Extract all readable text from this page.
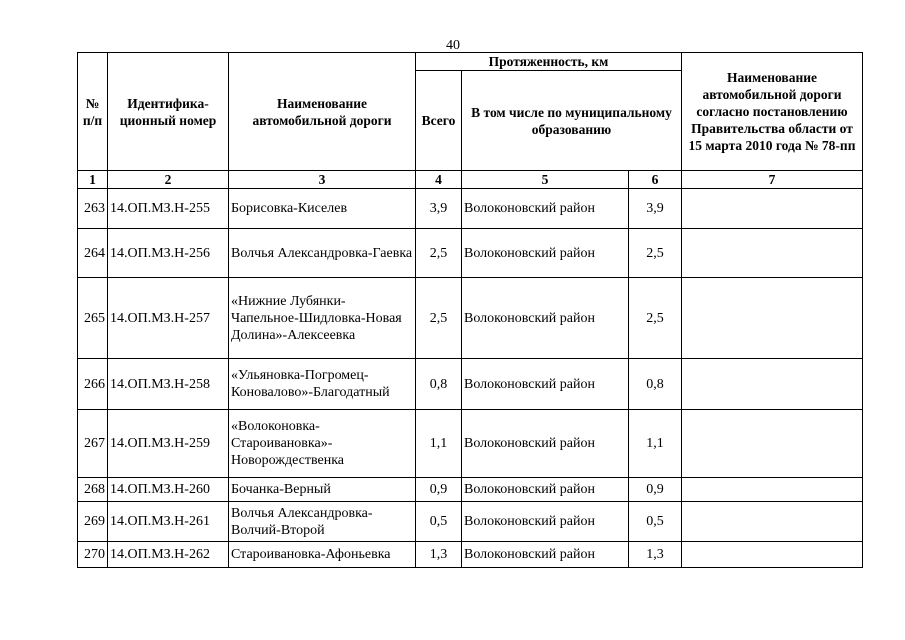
40
№ п/п	Идентифика-ционный номер	Наименование автомобильной дороги	Протяженность, км			Наименование автомобильной дороги согласно постановлению Правительства области от 15 марта 2010 года № 78-пп
			Всего	В том числе по муниципальному образованию		
1	2	3	4	5	6	7
263	14.ОП.МЗ.Н-255	Борисовка-Киселев	3,9	Волоконовский район	3,9	
264	14.ОП.МЗ.Н-256	Волчья Александровка-Гаевка	2,5	Волоконовский район	2,5	
265	14.ОП.МЗ.Н-257	«Нижние Лубянки-Чапельное-Шидловка-Новая Долина»-Алексеевка	2,5	Волоконовский район	2,5	
266	14.ОП.МЗ.Н-258	«Ульяновка-Погромец-Коновалово»-Благодатный	0,8	Волоконовский район	0,8	
267	14.ОП.МЗ.Н-259	«Волоконовка-Староивановка»-Новорождественка	1,1	Волоконовский район	1,1	
268	14.ОП.МЗ.Н-260	Бочанка-Верный	0,9	Волоконовский район	0,9	
269	14.ОП.МЗ.Н-261	Волчья Александровка-Волчий-Второй	0,5	Волоконовский район	0,5	
270	14.ОП.МЗ.Н-262	Староивановка-Афоньевка	1,3	Волоконовский район	1,3	
